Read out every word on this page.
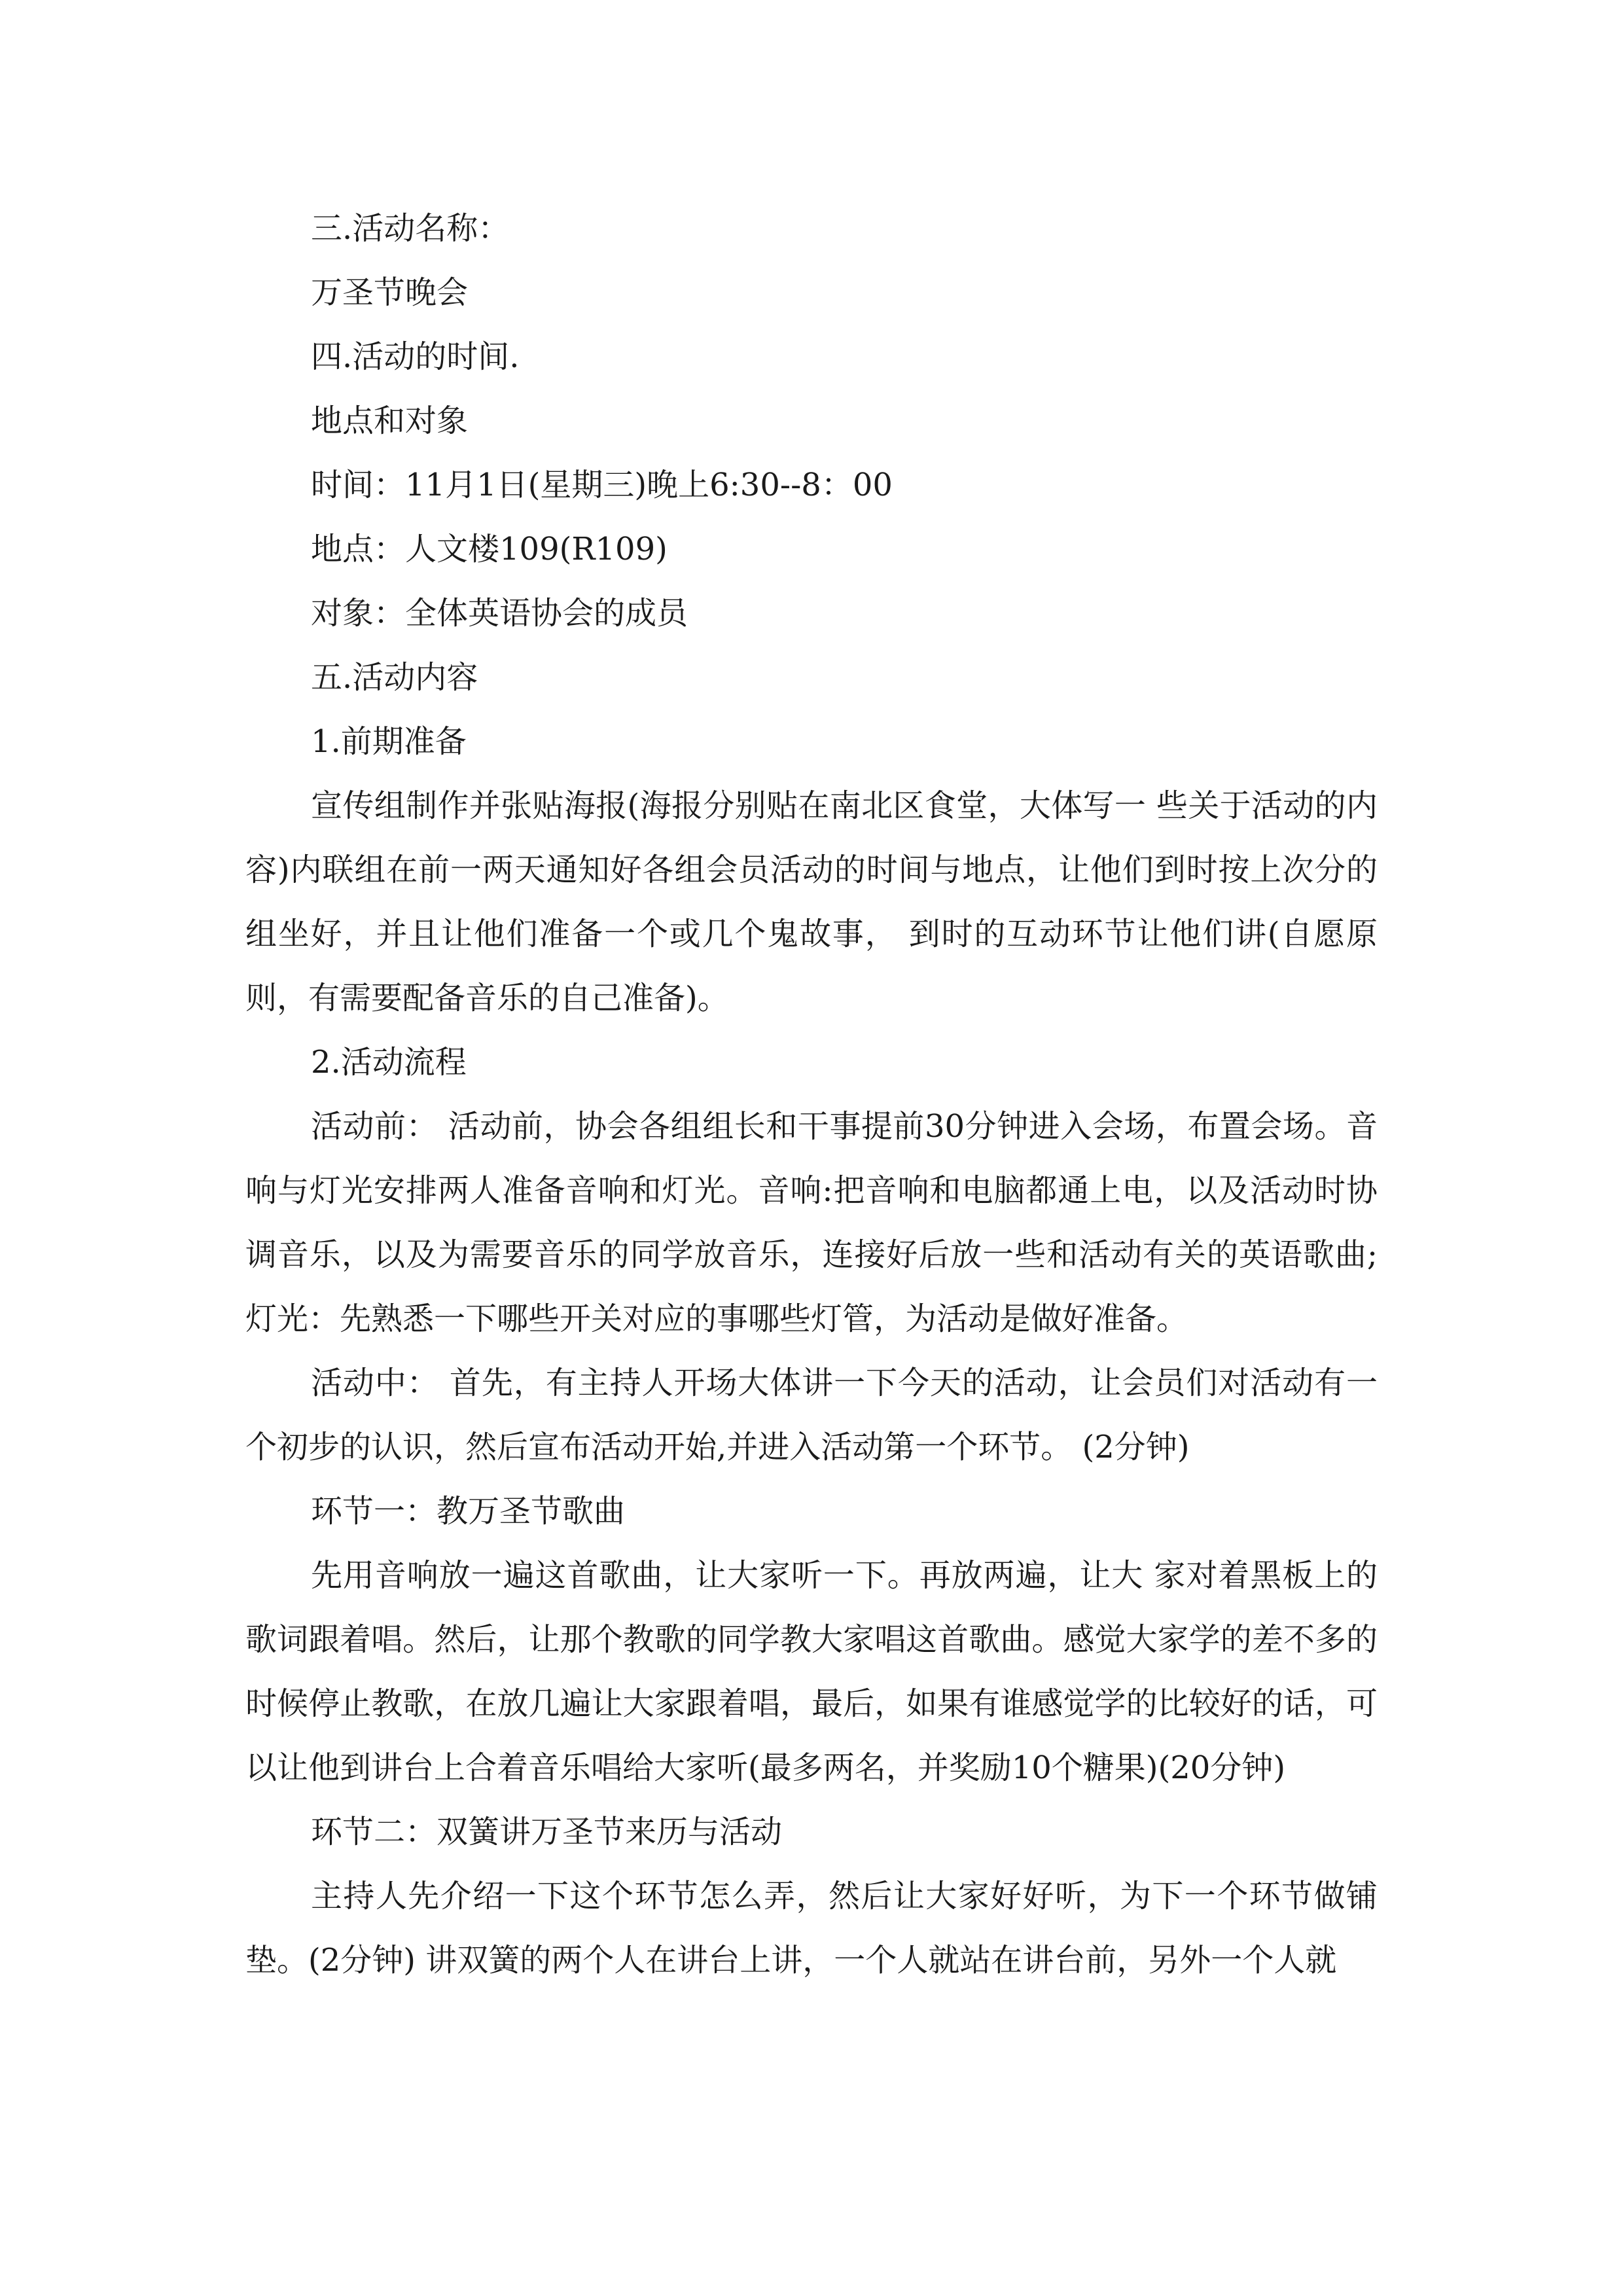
三.活动名称：

万圣节晚会

四.活动的时间.

地点和对象

时间：11月1日(星期三)晚上6:30--8：00

地点：人文楼109(R109)

对象：全体英语协会的成员

五.活动内容

1.前期准备

宣传组制作并张贴海报(海报分别贴在南北区食堂，大体写一 些关于活动的内容)内联组在前一两天通知好各组会员活动的时间与地点，让他们到时按上次分的组坐好，并且让他们准备一个或几个鬼故事， 到时的互动环节让他们讲(自愿原则，有需要配备音乐的自己准备)。

2.活动流程

活动前： 活动前，协会各组组长和干事提前30分钟进入会场，布置会场。音响与灯光安排两人准备音响和灯光。音响:把音响和电脑都通上电，以及活动时协调音乐，以及为需要音乐的同学放音乐，连接好后放一些和活动有关的英语歌曲;灯光：先熟悉一下哪些开关对应的事哪些灯管，为活动是做好准备。

活动中： 首先，有主持人开场大体讲一下今天的活动，让会员们对活动有一个初步的认识，然后宣布活动开始,并进入活动第一个环节。 (2分钟)

环节一：教万圣节歌曲

先用音响放一遍这首歌曲，让大家听一下。再放两遍，让大 家对着黑板上的歌词跟着唱。然后，让那个教歌的同学教大家唱这首歌曲。感觉大家学的差不多的时候停止教歌，在放几遍让大家跟着唱，最后，如果有谁感觉学的比较好的话，可以让他到讲台上合着音乐唱给大家听(最多两名，并奖励10个糖果)(20分钟)

环节二：双簧讲万圣节来历与活动

主持人先介绍一下这个环节怎么弄，然后让大家好好听，为下一个环节做铺垫。(2分钟) 讲双簧的两个人在讲台上讲，一个人就站在讲台前，另外一个人就
